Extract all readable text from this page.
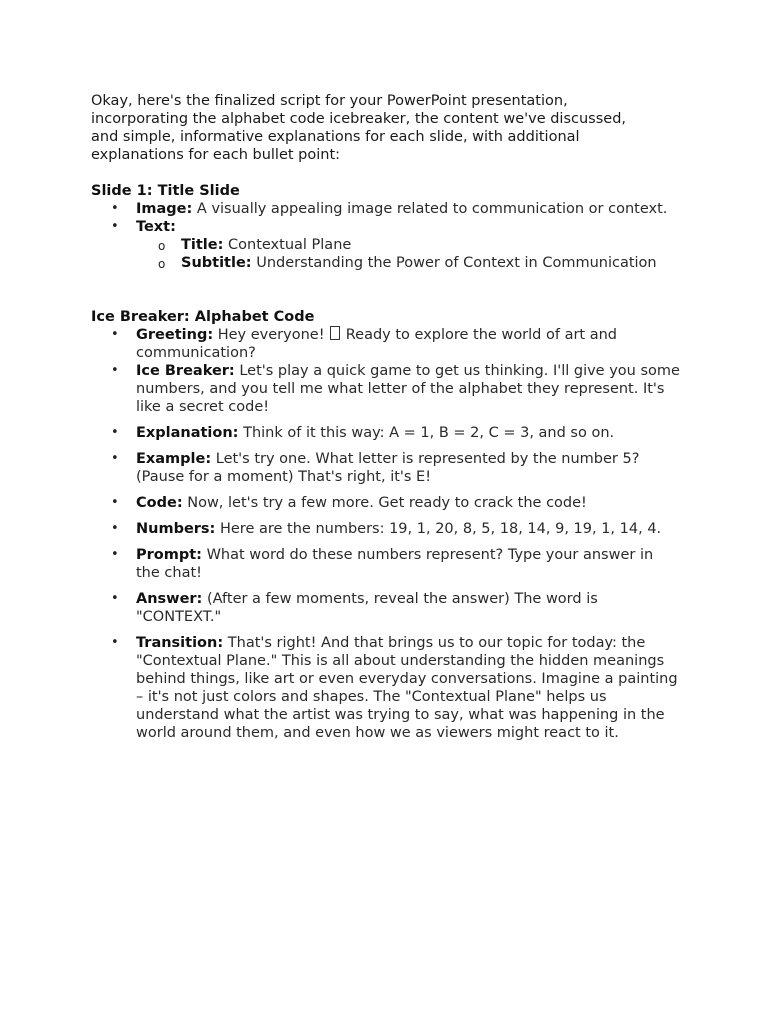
Okay, here's the finalized script for your PowerPoint presentation, incorporating the alphabet code icebreaker, the content we've discussed, and simple, informative explanations for each slide, with additional explanations for each bullet point:

Slide 1: Title Slide

• Image: A visually appealing image related to communication or context.
• Text:
o Title: Contextual Plane
o Subtitle: Understanding the Power of Context in Communication

Ice Breaker: Alphabet Code

• Greeting: Hey everyone!  Ready to explore the world of art and communication?
• Ice Breaker: Let's play a quick game to get us thinking. I'll give you some numbers, and you tell me what letter of the alphabet they represent. It's like a secret code!
• Explanation: Think of it this way: A = 1, B = 2, C = 3, and so on.
• Example: Let's try one. What letter is represented by the number 5? (Pause for a moment) That's right, it's E!
• Code: Now, let's try a few more. Get ready to crack the code!
• Numbers: Here are the numbers: 19, 1, 20, 8, 5, 18, 14, 9, 19, 1, 14, 4.
• Prompt: What word do these numbers represent? Type your answer in the chat!
• Answer: (After a few moments, reveal the answer) The word is "CONTEXT."
• Transition: That's right! And that brings us to our topic for today: the "Contextual Plane." This is all about understanding the hidden meanings behind things, like art or even everyday conversations. Imagine a painting – it's not just colors and shapes. The "Contextual Plane" helps us understand what the artist was trying to say, what was happening in the world around them, and even how we as viewers might react to it.
